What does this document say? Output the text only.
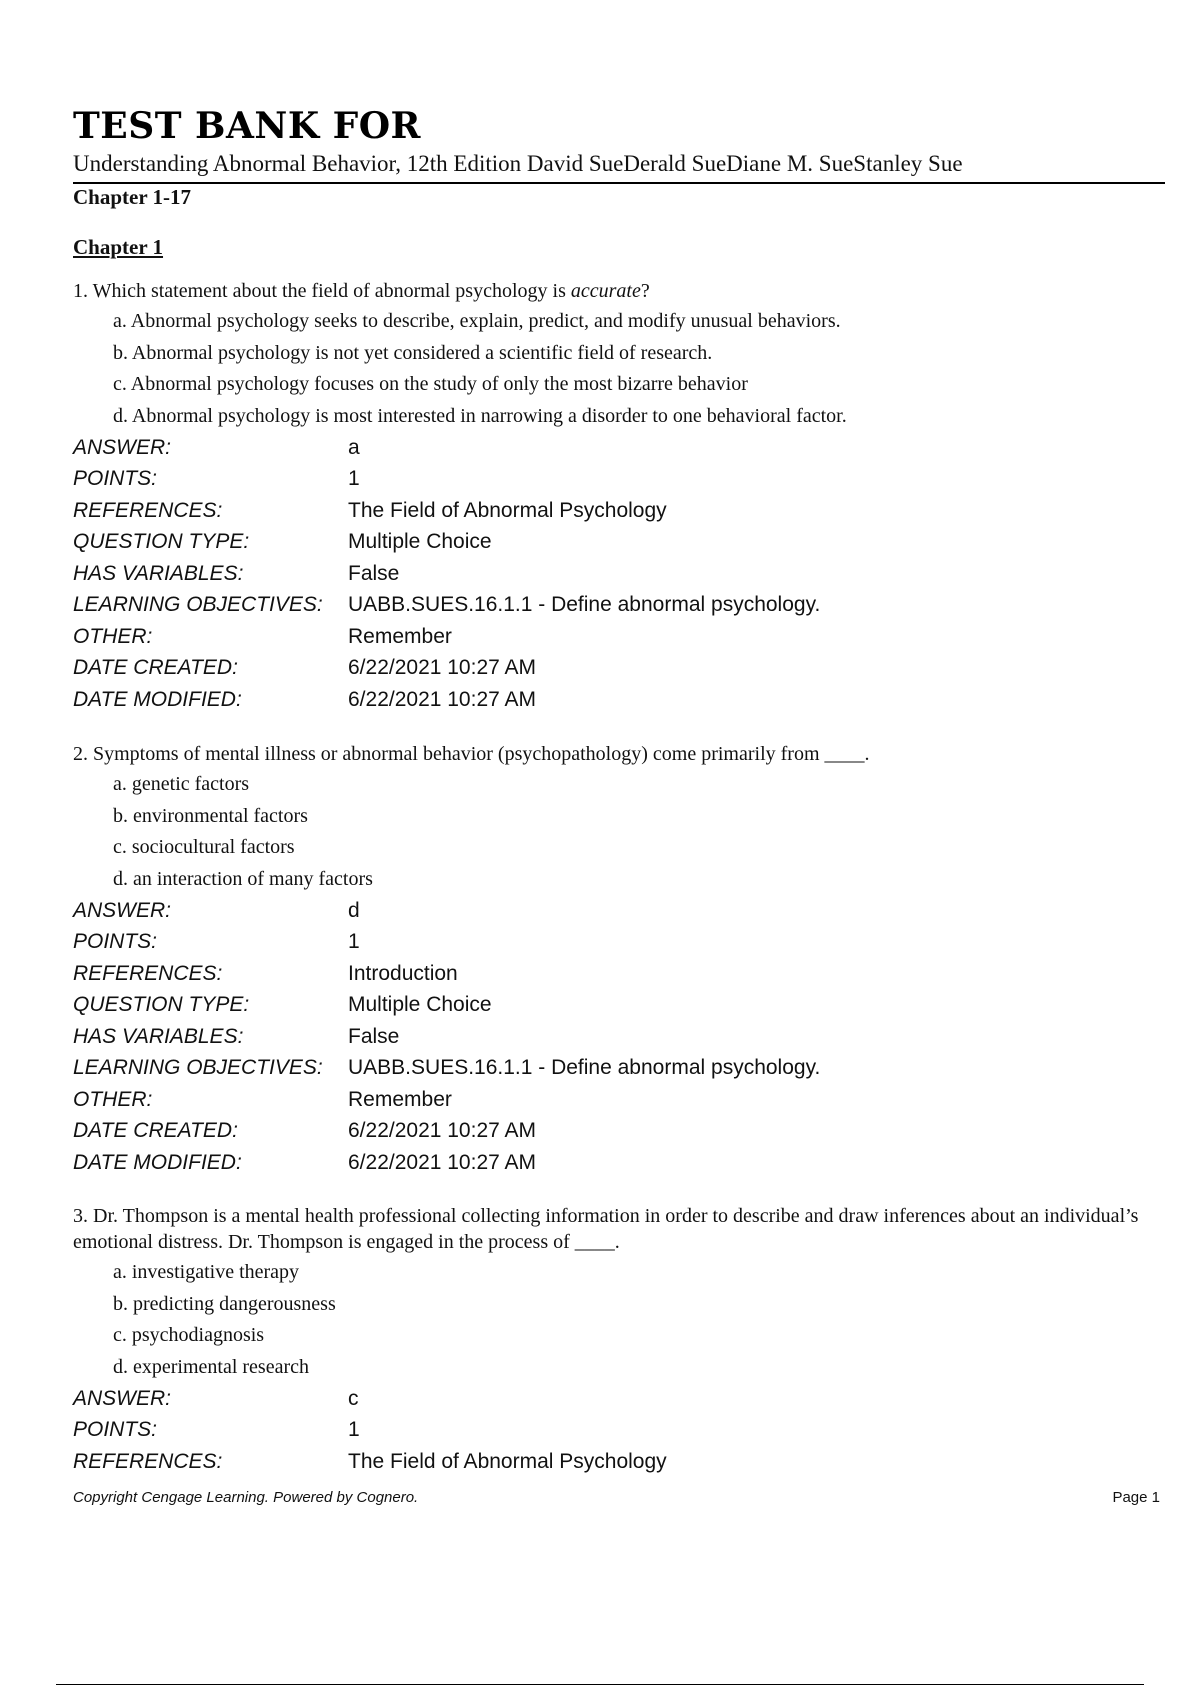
TEST BANK FOR
Understanding Abnormal Behavior, 12th Edition David SueDerald SueDiane M. SueStanley Sue
Chapter 1-17
Chapter 1

1. Which statement about the field of abnormal psychology is accurate?

a. Abnormal psychology seeks to describe, explain, predict, and modify unusual behaviors.
b. Abnormal psychology is not yet considered a scientific field of research.
c. Abnormal psychology focuses on the study of only the most bizarre behavior
d. Abnormal psychology is most interested in narrowing a disorder to one behavioral factor.
ANSWER:	a
POINTS:	1
REFERENCES:	The Field of Abnormal Psychology
QUESTION TYPE:	Multiple Choice
HAS VARIABLES:	False
LEARNING OBJECTIVES:	UABB.SUES.16.1.1 - Define abnormal psychology.
OTHER:	Remember
DATE CREATED:	6/22/2021 10:27 AM
DATE MODIFIED:	6/22/2021 10:27 AM

2. Symptoms of mental illness or abnormal behavior (psychopathology) come primarily from ____.

a. genetic factors
b. environmental factors
c. sociocultural factors
d. an interaction of many factors
ANSWER:	d
POINTS:	1
REFERENCES:	Introduction
QUESTION TYPE:	Multiple Choice
HAS VARIABLES:	False
LEARNING OBJECTIVES:	UABB.SUES.16.1.1 - Define abnormal psychology.
OTHER:	Remember
DATE CREATED:	6/22/2021 10:27 AM
DATE MODIFIED:	6/22/2021 10:27 AM

3. Dr. Thompson is a mental health professional collecting information in order to describe and draw inferences about an individual’s emotional distress. Dr. Thompson is engaged in the process of ____.

a. investigative therapy
b. predicting dangerousness
c. psychodiagnosis
d. experimental research
ANSWER:	c
POINTS:	1
REFERENCES:	The Field of Abnormal Psychology
Copyright Cengage Learning. Powered by Cognero.	Page 1
